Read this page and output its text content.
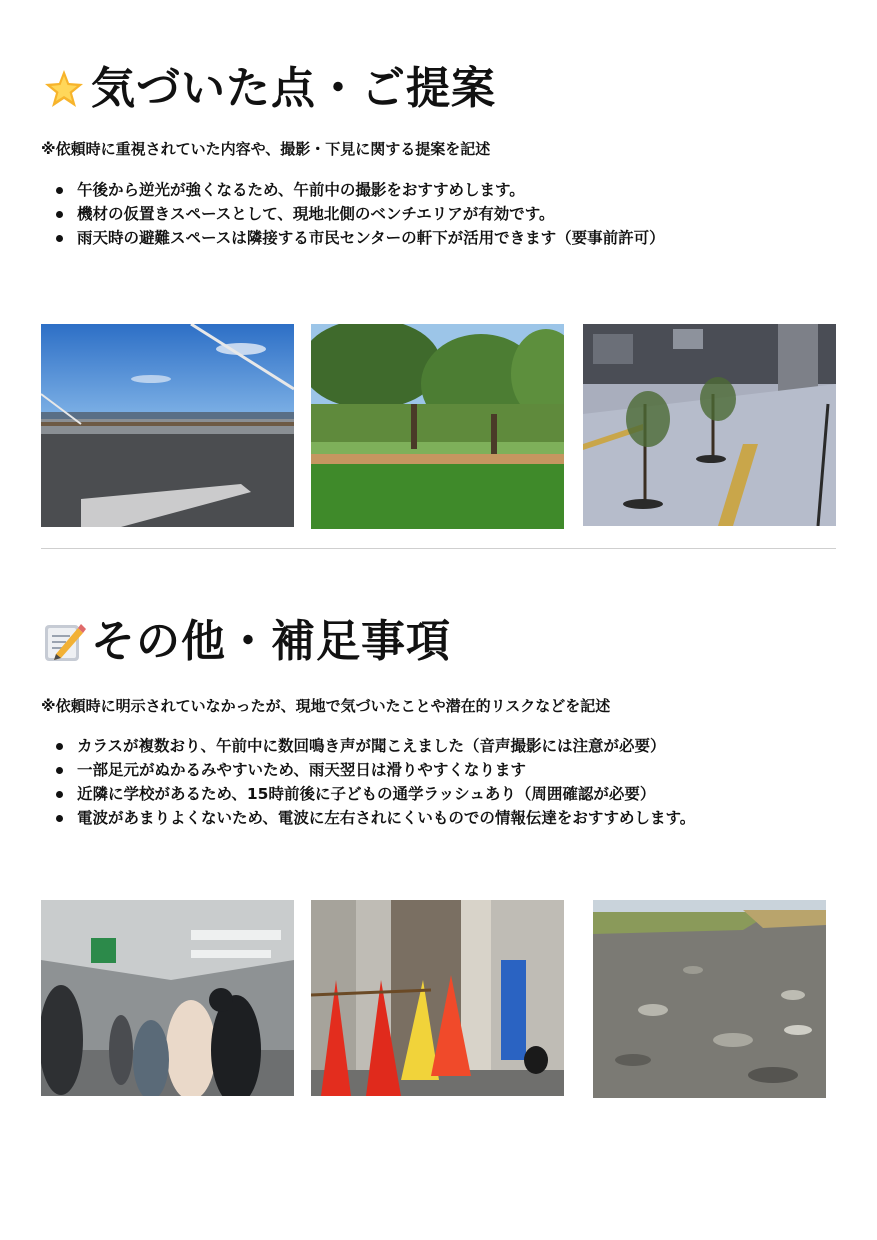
気づいた点・ご提案
※依頼時に重視されていた内容や、撮影・下見に関する提案を記述
午後から逆光が強くなるため、午前中の撮影をおすすめします。
機材の仮置きスペースとして、現地北側のベンチエリアが有効です。
雨天時の避難スペースは隣接する市民センターの軒下が活用できます（要事前許可）
その他・補足事項
※依頼時に明示されていなかったが、現地で気づいたことや潜在的リスクなどを記述
カラスが複数おり、午前中に数回鳴き声が聞こえました（音声撮影には注意が必要）
一部足元がぬかるみやすいため、雨天翌日は滑りやすくなります
近隣に学校があるため、15時前後に子どもの通学ラッシュあり（周囲確認が必要）
電波があまりよくないため、電波に左右されにくいものでの情報伝達をおすすめします。
